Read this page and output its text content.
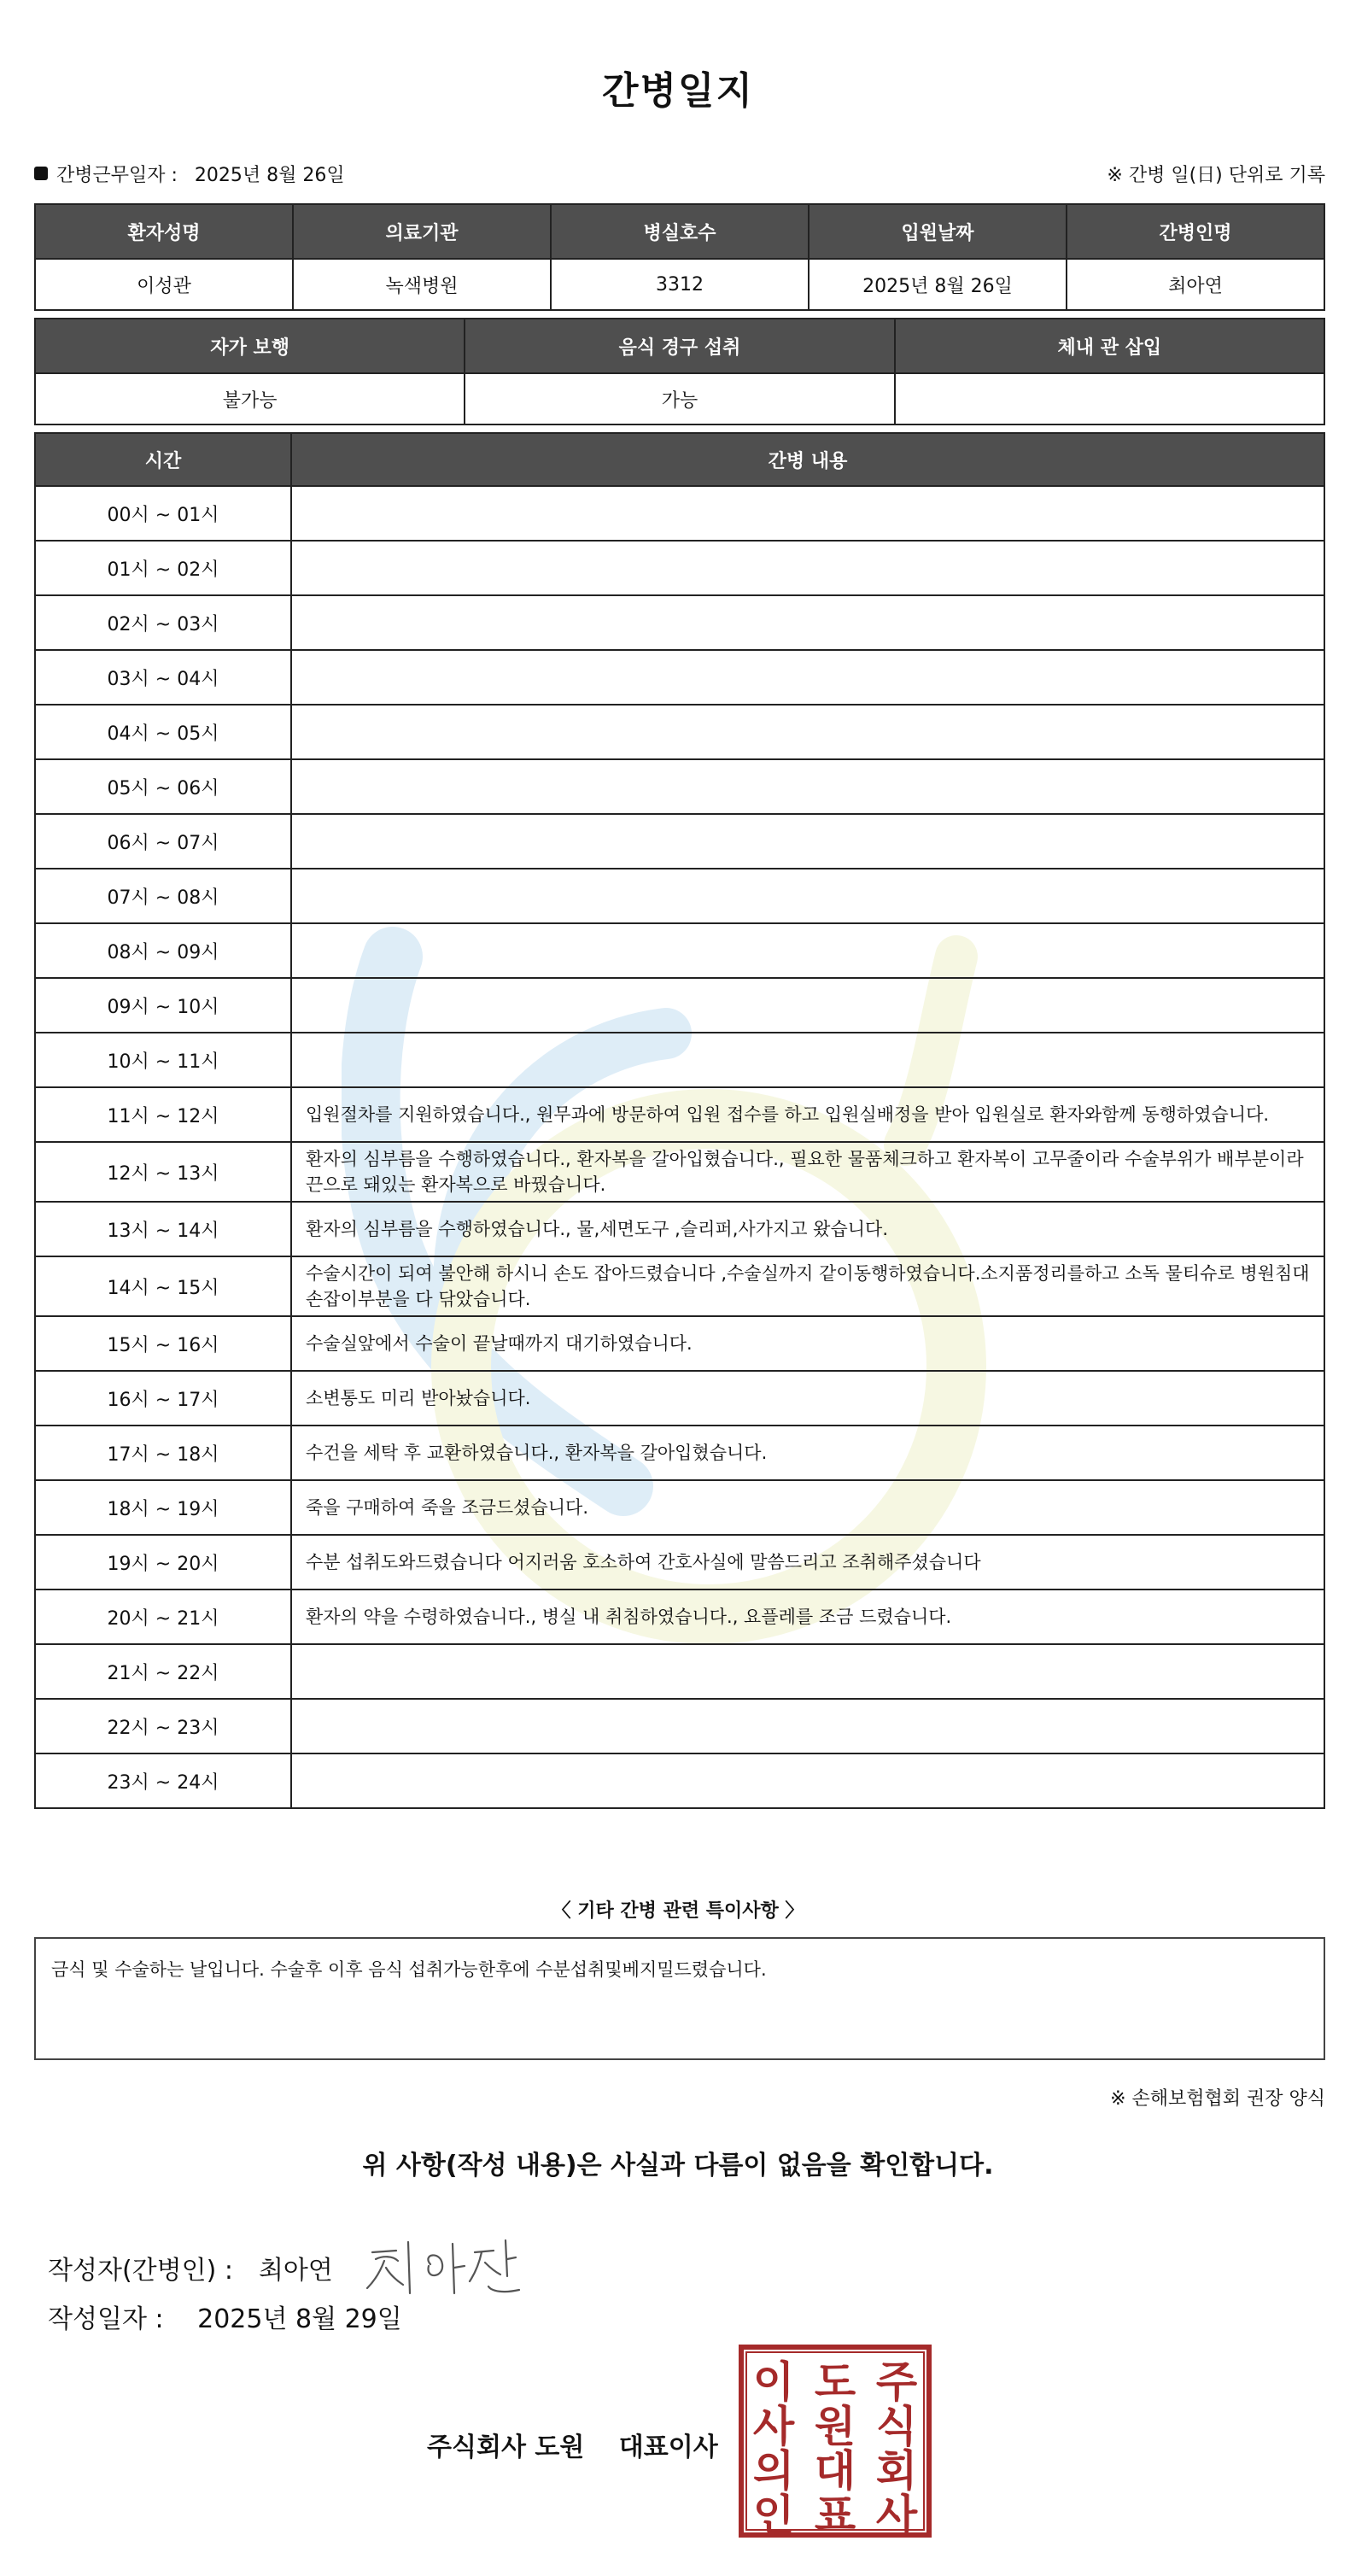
간병일지
간병근무일자 : 2025년 8월 26일	※ 간병 일(日) 단위로 기록
환자성명	의료기관	병실호수	입원날짜	간병인명
이성관	녹색병원	3312	2025년 8월 26일	최아연
자가 보행	음식 경구 섭취	체내 관 삽입
불가능	가능	
시간	간병 내용
00시 ~ 01시	
01시 ~ 02시	
02시 ~ 03시	
03시 ~ 04시	
04시 ~ 05시	
05시 ~ 06시	
06시 ~ 07시	
07시 ~ 08시	
08시 ~ 09시	
09시 ~ 10시	
10시 ~ 11시	
11시 ~ 12시	입원절차를 지원하였습니다., 원무과에 방문하여 입원 접수를 하고 입원실배정을 받아 입원실로 환자와함께 동행하였습니다.
12시 ~ 13시	환자의 심부름을 수행하였습니다., 환자복을 갈아입혔습니다., 필요한 물품체크하고 환자복이 고무줄이라 수술부위가 배부분이라 끈으로 돼있는 환자복으로 바꿨습니다.
13시 ~ 14시	환자의 심부름을 수행하였습니다., 물,세면도구 ,슬리퍼,사가지고 왔습니다.
14시 ~ 15시	수술시간이 되여 불안해 하시니 손도 잡아드렸습니다 ,수술실까지 같이동행하였습니다.소지품정리를하고 소독 물티슈로 병원침대 손잡이부분을 다 닦았습니다.
15시 ~ 16시	수술실앞에서 수술이 끝날때까지 대기하였습니다.
16시 ~ 17시	소변통도 미리 받아놨습니다.
17시 ~ 18시	수건을 세탁 후 교환하였습니다., 환자복을 갈아입혔습니다.
18시 ~ 19시	죽을 구매하여 죽을 조금드셨습니다.
19시 ~ 20시	수분 섭취도와드렸습니다 어지러움 호소하여 간호사실에 말씀드리고 조취해주셨습니다
20시 ~ 21시	환자의 약을 수령하였습니다., 병실 내 취침하였습니다., 요플레를 조금 드렸습니다.
21시 ~ 22시	
22시 ~ 23시	
23시 ~ 24시	
〈 기타 간병 관련 특이사항 〉
금식 및 수술하는 날입니다. 수술후 이후 음식 섭취가능한후에 수분섭취및베지밀드렸습니다.
※ 손해보험협회 권장 양식
위 사항(작성 내용)은 사실과 다름이 없음을 확인합니다.
작성자(간병인) : 최아연
작성일자 : 2025년 8월 29일
주식회사 도원 대표이사
주
식
회
사
도
원
대
표
이
사
의
인
